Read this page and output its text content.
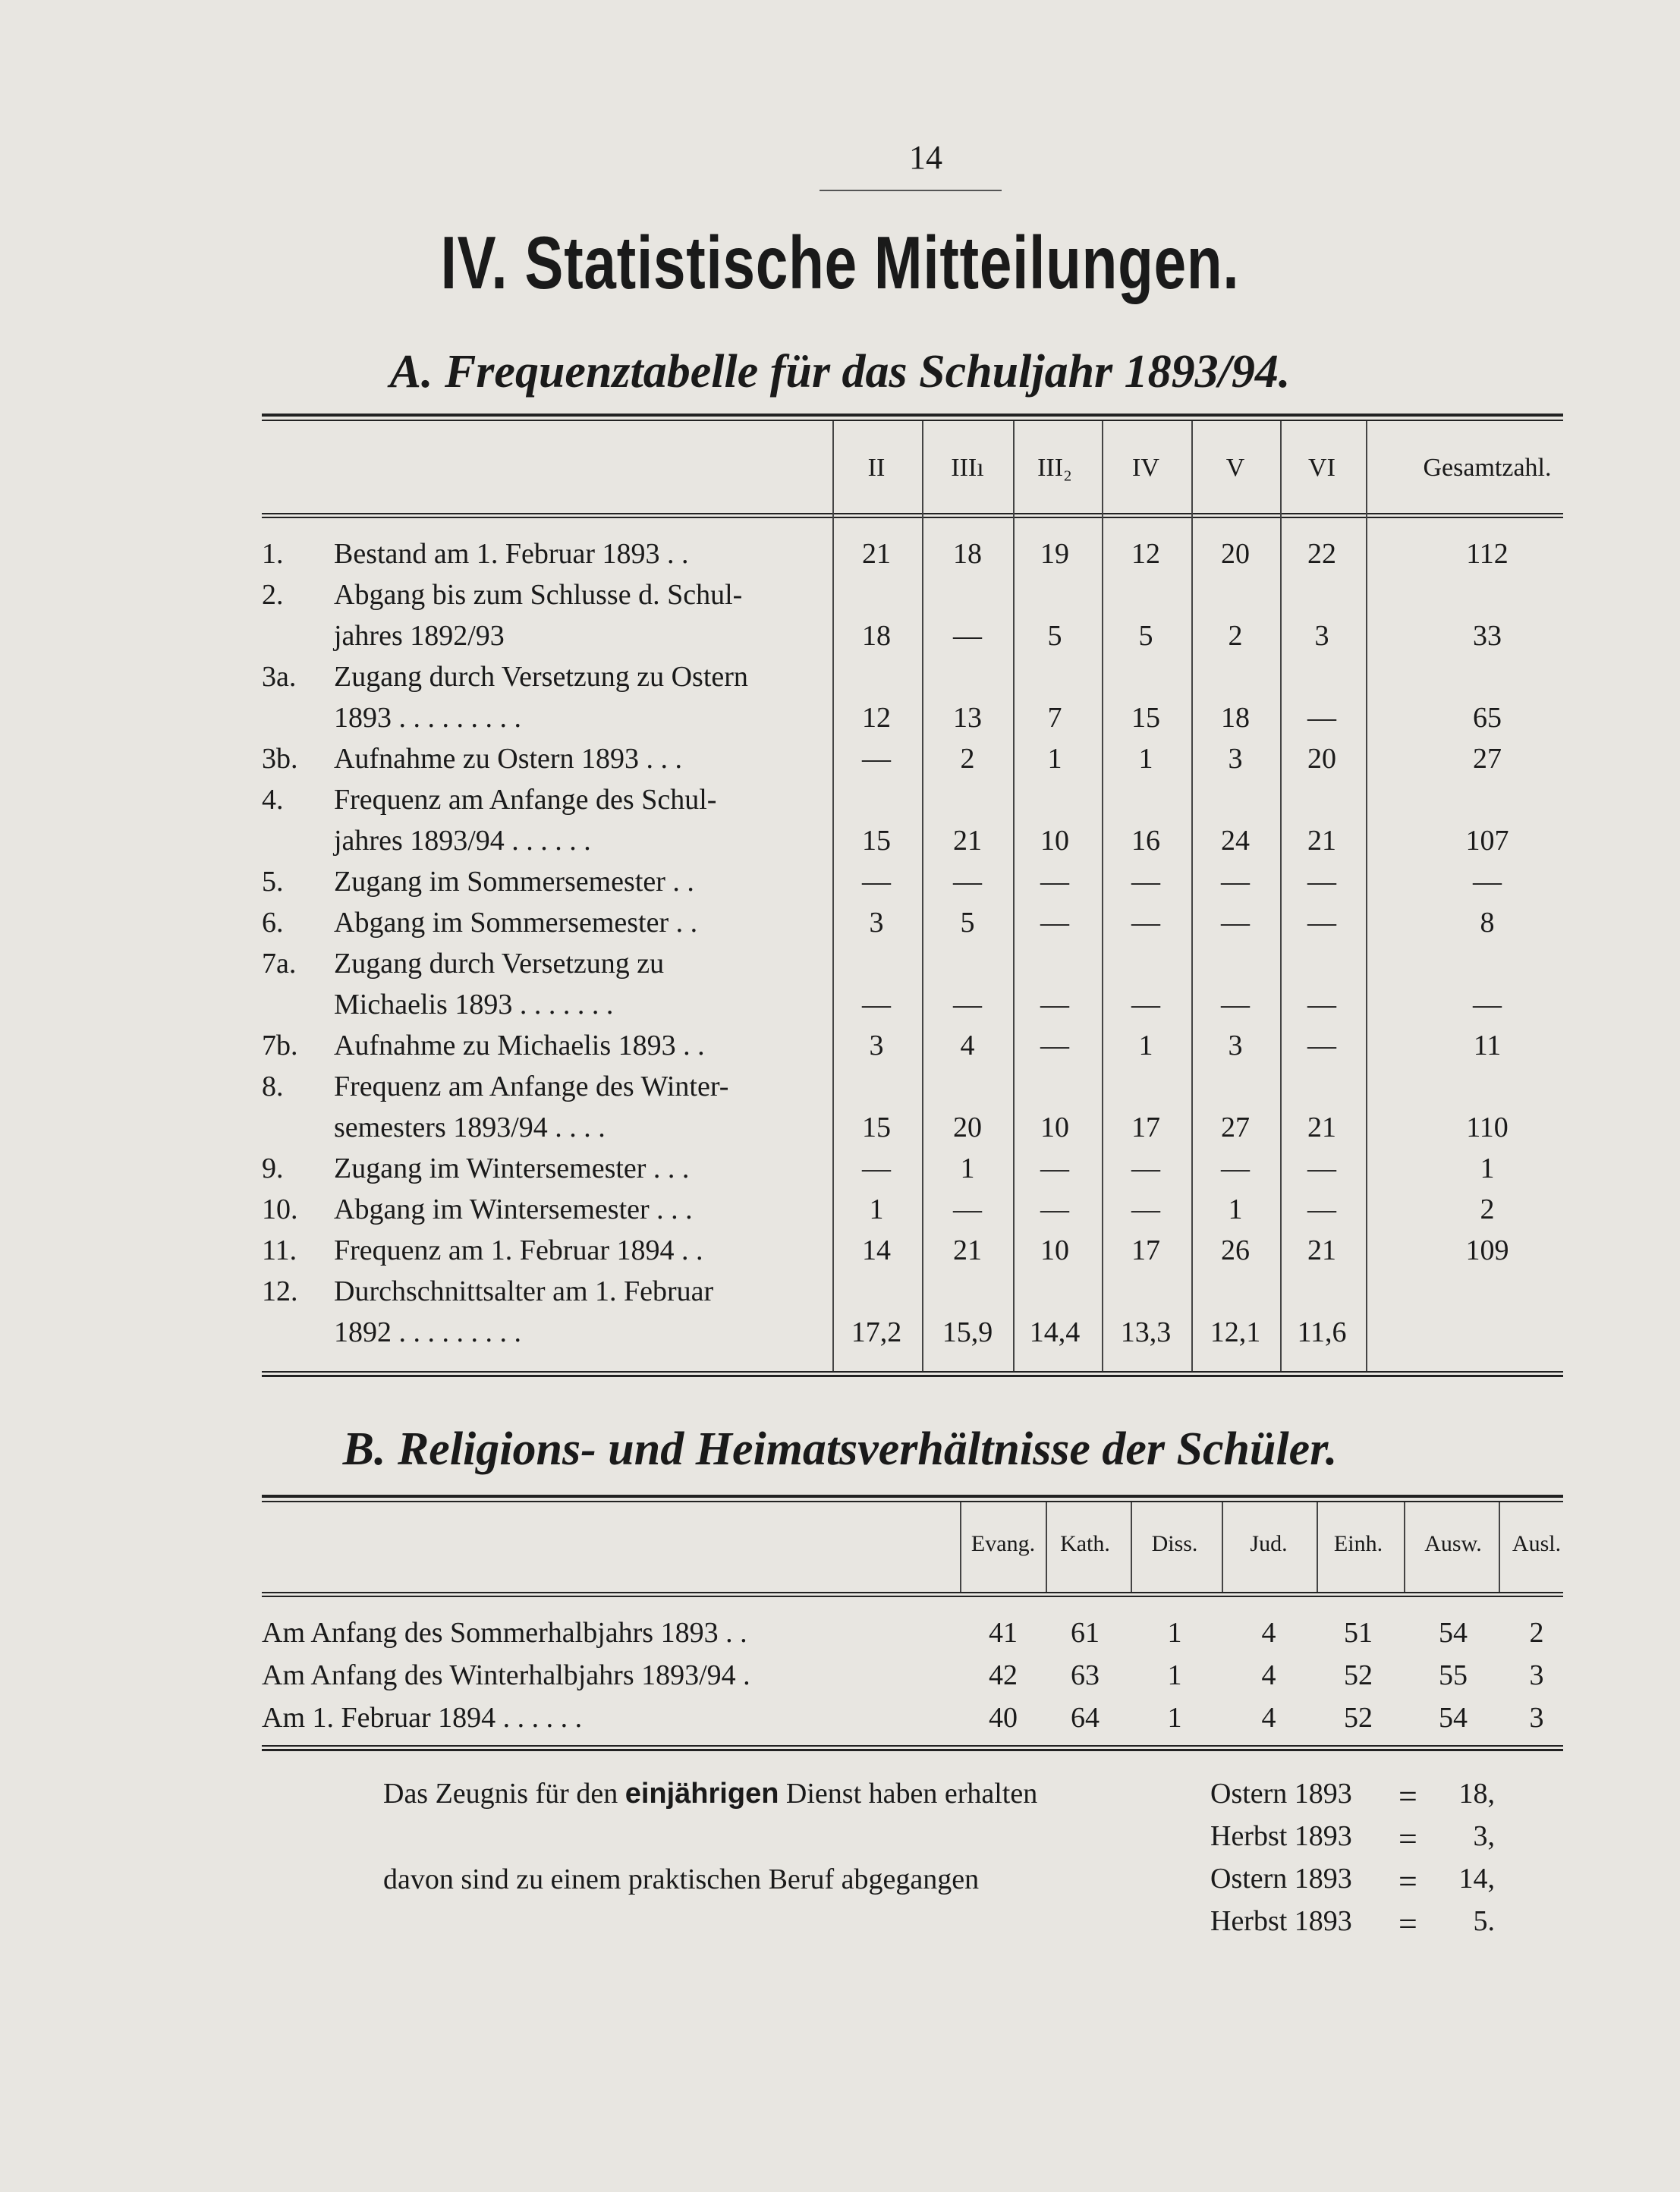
14
IV. Statistische Mitteilungen.
A. Frequenztabelle für das Schuljahr 1893/94.
II	IIIı	III₂	IV	V	VI	Gesamtzahl.
1. Bestand am 1. Februar 1893 . .	21	18	19	12	20	22	112
2. Abgang bis zum Schlusse d. Schul-
jahres 1892/93	18	—	5	5	2	3	33
3a. Zugang durch Versetzung zu Ostern
1893 . . . . . . . . .	12	13	7	15	18	—	65
3b. Aufnahme zu Ostern 1893 . . .	—	2	1	1	3	20	27
4. Frequenz am Anfange des Schul-
jahres 1893/94 . . . . . .	15	21	10	16	24	21	107
5. Zugang im Sommersemester . .	—	—	—	—	—	—	—
6. Abgang im Sommersemester . .	3	5	—	—	—	—	8
7a. Zugang durch Versetzung zu
Michaelis 1893 . . . . . . .	—	—	—	—	—	—	—
7b. Aufnahme zu Michaelis 1893 . .	3	4	—	1	3	—	11
8. Frequenz am Anfange des Winter-
semesters 1893/94 . . . .	15	20	10	17	27	21	110
9. Zugang im Wintersemester . . .	—	1	—	—	—	—	1
10. Abgang im Wintersemester . . .	1	—	—	—	1	—	2
11. Frequenz am 1. Februar 1894 . .	14	21	10	17	26	21	109
12. Durchschnittsalter am 1. Februar
1892 . . . . . . . . .	17,2	15,9	14,4	13,3	12,1	11,6
B. Religions- und Heimatsverhältnisse der Schüler.
Evang.	Kath.	Diss.	Jud.	Einh.	Ausw.	Ausl.
Am Anfang des Sommerhalbjahrs 1893 . .	41	61	1	4	51	54	2
Am Anfang des Winterhalbjahrs 1893/94 .	42	63	1	4	52	55	3
Am 1. Februar 1894 . . . . . .	40	64	1	4	52	54	3
Das Zeugnis für den einjährigen Dienst haben erhalten
davon sind zu einem praktischen Beruf abgegangen
Ostern 1893 =	18,
Herbst 1893 =	3,
Ostern 1893 =	14,
Herbst 1893 =	5.
